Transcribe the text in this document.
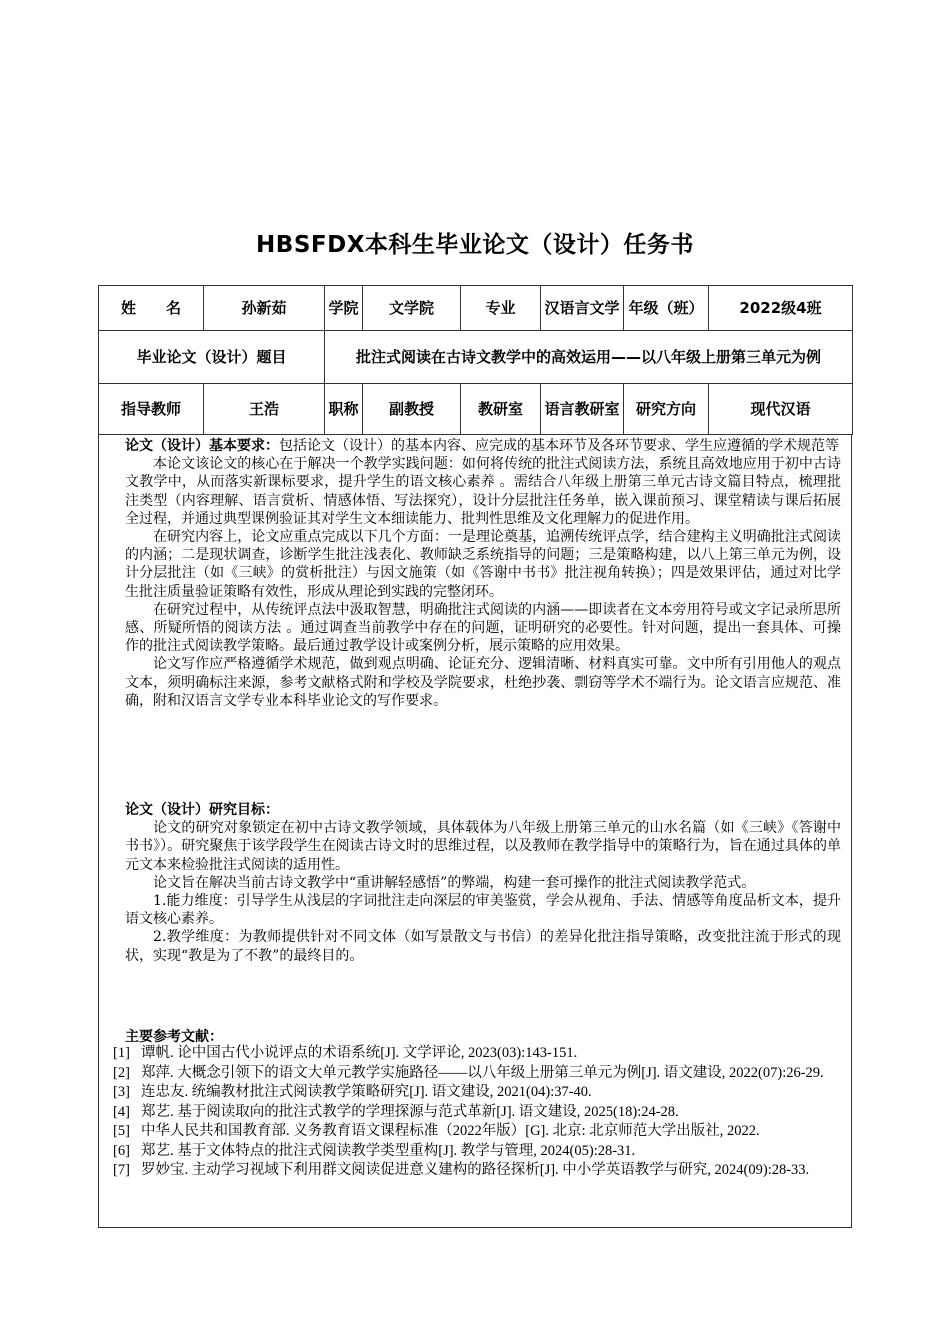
HBSFDX本科生毕业论文（设计）任务书
姓　　名	孙新茹	学院	文学院	专业	汉语言文学	年级（班）	2022级4班
毕业论文（设计）题目		批注式阅读在古诗文教学中的高效运用——以八年级上册第三单元为例					
指导教师	王浩	职称	副教授	教研室	语言教研室	研究方向	现代汉语

论文（设计）基本要求：包括论文（设计）的基本内容、应完成的基本环节及各环节要求、学生应遵循的学术规范等

本论文该论文的核心在于解决一个教学实践问题：如何将传统的批注式阅读方法，系统且高效地应用于初中古诗文教学中，从而落实新课标要求，提升学生的语文核心素养 。需结合八年级上册第三单元古诗文篇目特点，梳理批注类型（内容理解、语言赏析、情感体悟、写法探究），设计分层批注任务单，嵌入课前预习、课堂精读与课后拓展全过程，并通过典型课例验证其对学生文本细读能力、批判性思维及文化理解力的促进作用。

在研究内容上，论文应重点完成以下几个方面：一是理论奠基，追溯传统评点学，结合建构主义明确批注式阅读的内涵；二是现状调查，诊断学生批注浅表化、教师缺乏系统指导的问题；三是策略构建，以八上第三单元为例，设计分层批注（如《三峡》的赏析批注）与因文施策（如《答谢中书书》批注视角转换）；四是效果评估，通过对比学生批注质量验证策略有效性，形成从理论到实践的完整闭环。

在研究过程中，从传统评点法中汲取智慧，明确批注式阅读的内涵——即读者在文本旁用符号或文字记录所思所感、所疑所悟的阅读方法 。通过调查当前教学中存在的问题，证明研究的必要性。针对问题，提出一套具体、可操作的批注式阅读教学策略。最后通过教学设计或案例分析，展示策略的应用效果。

论文写作应严格遵循学术规范，做到观点明确、论证充分、逻辑清晰、材料真实可靠。文中所有引用他人的观点文本，须明确标注来源，参考文献格式附和学校及学院要求，杜绝抄袭、剽窃等学术不端行为。论文语言应规范、准确，附和汉语言文学专业本科毕业论文的写作要求。

论文（设计）研究目标：

论文的研究对象锁定在初中古诗文教学领域，具体载体为八年级上册第三单元的山水名篇（如《三峡》《答谢中书书》）。研究聚焦于该学段学生在阅读古诗文时的思维过程，以及教师在教学指导中的策略行为，旨在通过具体的单元文本来检验批注式阅读的适用性。

论文旨在解决当前古诗文教学中“重讲解轻感悟”的弊端，构建一套可操作的批注式阅读教学范式。

1.能力维度：引导学生从浅层的字词批注走向深层的审美鉴赏，学会从视角、手法、情感等角度品析文本，提升语文核心素养。

2.教学维度：为教师提供针对不同文体（如写景散文与书信）的差异化批注指导策略，改变批注流于形式的现状，实现“教是为了不教”的最终目的。

主要参考文献：
[1] 谭帆. 论中国古代小说评点的术语系统[J]. 文学评论, 2023(03):143-151.
[2] 郑萍. 大概念引领下的语文大单元教学实施路径——以八年级上册第三单元为例[J]. 语文建设, 2022(07):26-29.
[3] 连忠友. 统编教材批注式阅读教学策略研究[J]. 语文建设, 2021(04):37-40.
[4] 郑艺. 基于阅读取向的批注式教学的学理探源与范式革新[J]. 语文建设, 2025(18):24-28.
[5] 中华人民共和国教育部. 义务教育语文课程标准（2022年版）[G]. 北京: 北京师范大学出版社, 2022.
[6] 郑艺. 基于文体特点的批注式阅读教学类型重构[J]. 教学与管理, 2024(05):28-31.
[7] 罗妙宝. 主动学习视域下利用群文阅读促进意义建构的路径探析[J]. 中小学英语教学与研究, 2024(09):28-33.
